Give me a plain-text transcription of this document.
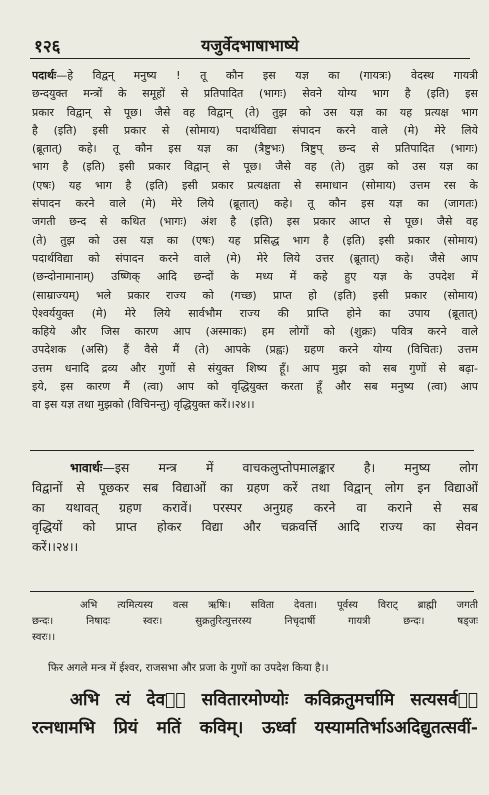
१२६	यजुर्वेदभाषाभाष्ये
पदार्थः—हे विद्वन् मनुष्य ! तू कौन इस यज्ञ का (गायत्रः) वेदस्थ गायत्री
छन्दयुक्त मन्त्रों के समूहों से प्रतिपादित (भागः) सेवने योग्य भाग है (इति) इस
प्रकार विद्वान् से पूछ। जैसे वह विद्वान् (ते) तुझ को उस यज्ञ का यह प्रत्यक्ष भाग
है (इति) इसी प्रकार से (सोमाय) पदार्थविद्या संपादन करने वाले (मे) मेरे लिये
(ब्रूतात्) कहे। तू कौन इस यज्ञ का (त्रैष्टुभः) त्रिष्टुप् छन्द से प्रतिपादित (भागः)
भाग है (इति) इसी प्रकार विद्वान् से पूछ। जैसे वह (ते) तुझ को उस यज्ञ का
(एषः) यह भाग है (इति) इसी प्रकार प्रत्यक्षता से समाधान (सोमाय) उत्तम रस के
संपादन करने वाले (मे) मेरे लिये (ब्रूतात्) कहे। तू कौन इस यज्ञ का (जागतः)
जगती छन्द से कथित (भागः) अंश है (इति) इस प्रकार आप्त से पूछ। जैसे वह
(ते) तुझ को उस यज्ञ का (एषः) यह प्रसिद्ध भाग है (इति) इसी प्रकार (सोमाय)
पदार्थविद्या को संपादन करने वाले (मे) मेरे लिये उत्तर (ब्रूतात्) कहे। जैसे आप
(छन्दोनामानाम्) उष्णिक् आदि छन्दों के मध्य में कहे हुए यज्ञ के उपदेश में
(साम्राज्यम्) भले प्रकार राज्य को (गच्छ) प्राप्त हो (इति) इसी प्रकार (सोमाय)
ऐश्वर्ययुक्त (मे) मेरे लिये सार्वभौम राज्य की प्राप्ति होने का उपाय (ब्रूतात्)
कहिये और जिस कारण आप (अस्माकः) हम लोगों को (शुक्रः) पवित्र करने वाले
उपदेशक (असि) हैं वैसे मैं (ते) आपके (प्रह्वः) ग्रहण करने योग्य (विचितः) उत्तम
उत्तम धनादि द्रव्य और गुणों से संयुक्त शिष्य हूँ। आप मुझ को सब गुणों से बढ़ा-
इये, इस कारण मैं (त्वा) आप को वृद्धियुक्त करता हूँ और सब मनुष्य (त्वा) आप
वा इस यज्ञ तथा मुझको (विचिनन्तु) वृद्धियुक्त करें।।२४।।
भावार्थः—इस मन्त्र में वाचकलुप्तोपमालङ्कार है। मनुष्य लोग
विद्वानों से पूछकर सब विद्याओं का ग्रहण करें तथा विद्वान् लोग इन विद्याओं
का यथावत् ग्रहण करावें। परस्पर अनुग्रह करने वा कराने से सब
वृद्धियों को प्राप्त होकर विद्या और चक्रवर्त्ति आदि राज्य का सेवन
करें।।२४।।
अभि त्यमित्यस्य वत्स ऋषिः। सविता देवता। पूर्वस्य विराट् ब्राह्मी जगती
छन्दः। निषादः स्वरः। सुक्रतुरित्युत्तरस्य निचृदार्षी गायत्री छन्दः। षड्जः
स्वरः।।
फिर अगले मन्त्र में ईश्वर, राजसभा और प्रजा के गुणों का उपदेश किया है।।
अभि त्यं देवᳫं सवितारमोण्योः कविक्रतुमर्चामि सत्यसर्वᳫं
रत्नधामभि प्रियं मतिं कविम्। ऊर्ध्वा यस्यामतिर्भाऽअदिद्युतत्सवीं-
